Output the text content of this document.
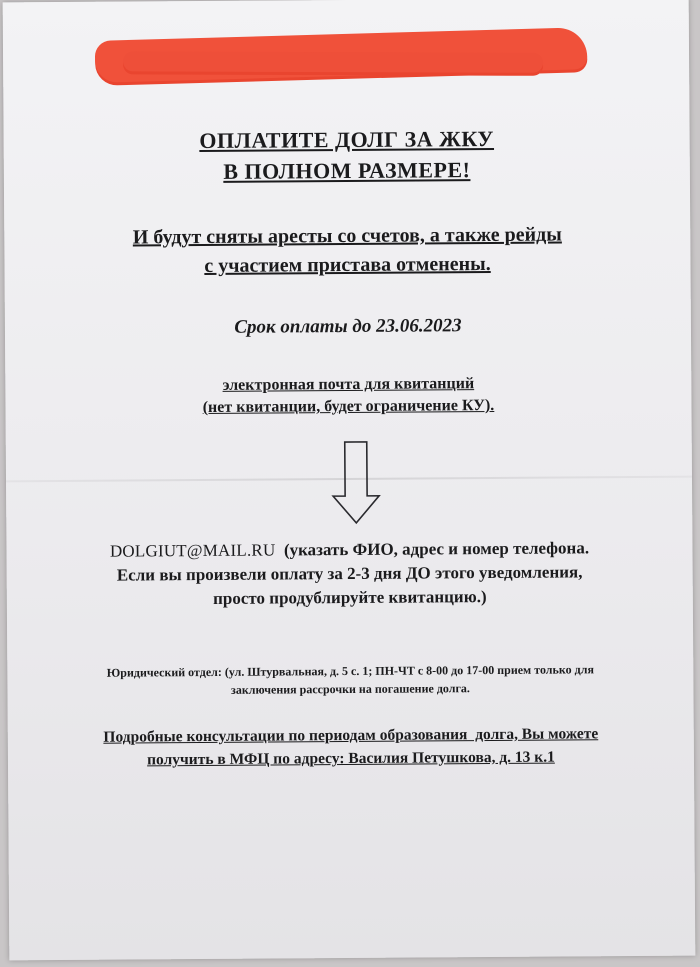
ОПЛАТИТЕ ДОЛГ ЗА ЖКУ
В ПОЛНОМ РАЗМЕРЕ!
И будут сняты аресты со счетов, а также рейды
с участием пристава отменены.
Срок оплаты до 23.06.2023
электронная почта для квитанций
(нет квитанции, будет ограничение КУ).
DOLGIUT@MAIL.RU  (указать ФИО, адрес и номер телефона.
Если вы произвели оплату за 2-3 дня ДО этого уведомления,
просто продублируйте квитанцию.)
Юридический отдел: (ул. Штурвальная, д. 5 с. 1; ПН-ЧТ с 8-00 до 17-00 прием только для
заключения рассрочки на погашение долга.
Подробные консультации по периодам образования  долга, Вы можете
получить в МФЦ по адресу: Василия Петушкова, д. 13 к.1
